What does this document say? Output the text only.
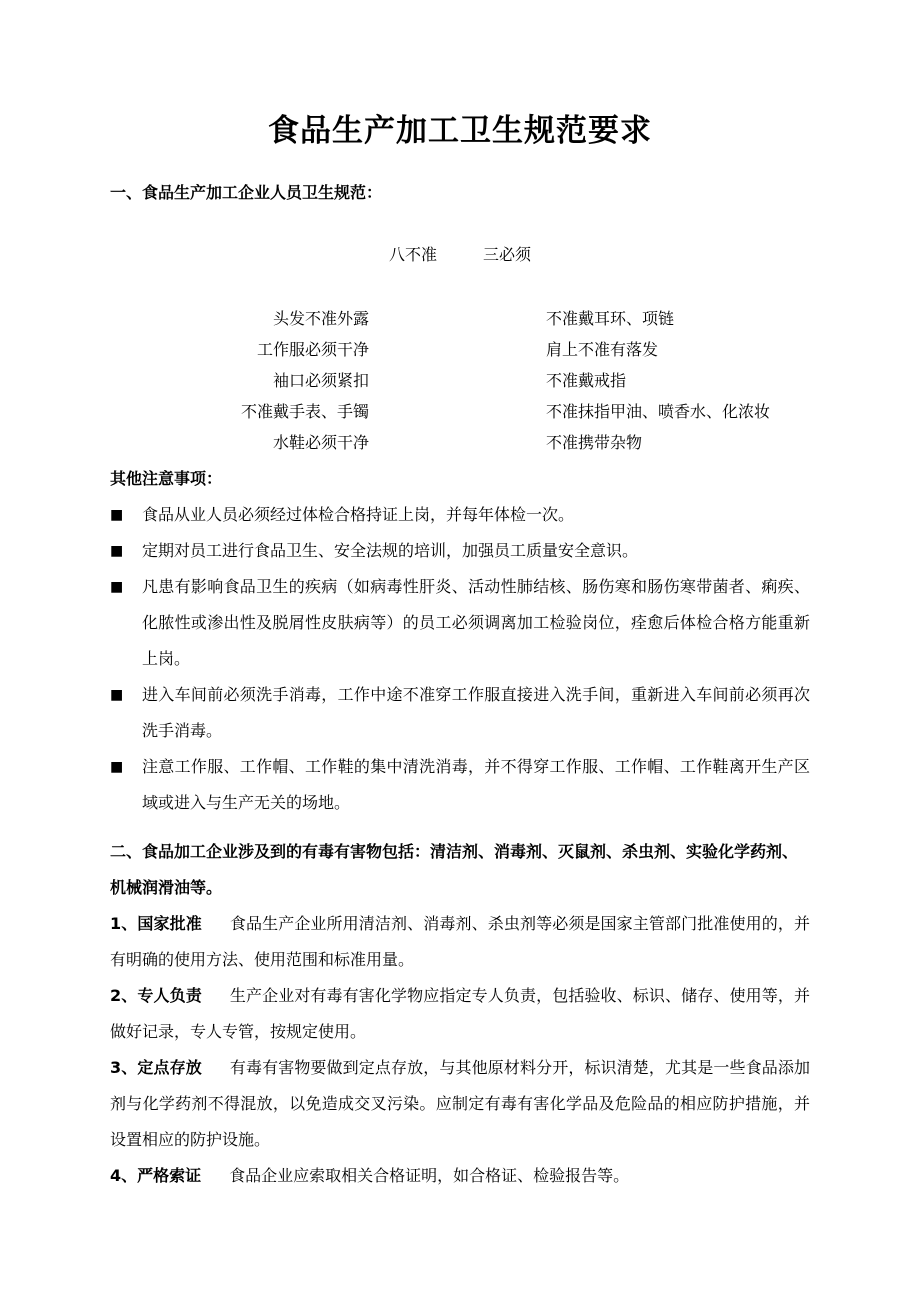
食品生产加工卫生规范要求
一、食品生产加工企业人员卫生规范：
八不准	三必须
头发不准外露	不准戴耳环、项链
工作服必须干净	肩上不准有落发
袖口必须紧扣	不准戴戒指
不准戴手表、手镯	不准抹指甲油、喷香水、化浓妆
水鞋必须干净	不准携带杂物
其他注意事项：
■ 食品从业人员必须经过体检合格持证上岗，并每年体检一次。
■ 定期对员工进行食品卫生、安全法规的培训，加强员工质量安全意识。
■ 凡患有影响食品卫生的疾病（如病毒性肝炎、活动性肺结核、肠伤寒和肠伤寒带菌者、痢疾、化脓性或渗出性及脱屑性皮肤病等）的员工必须调离加工检验岗位，痊愈后体检合格方能重新上岗。
■ 进入车间前必须洗手消毒，工作中途不准穿工作服直接进入洗手间，重新进入车间前必须再次洗手消毒。
■ 注意工作服、工作帽、工作鞋的集中清洗消毒，并不得穿工作服、工作帽、工作鞋离开生产区域或进入与生产无关的场地。
二、食品加工企业涉及到的有毒有害物包括：清洁剂、消毒剂、灭鼠剂、杀虫剂、实验化学药剂、机械润滑油等。
1、国家批准 食品生产企业所用清洁剂、消毒剂、杀虫剂等必须是国家主管部门批准使用的，并有明确的使用方法、使用范围和标准用量。
2、专人负责 生产企业对有毒有害化学物应指定专人负责，包括验收、标识、储存、使用等，并做好记录，专人专管，按规定使用。
3、定点存放 有毒有害物要做到定点存放，与其他原材料分开，标识清楚，尤其是一些食品添加剂与化学药剂不得混放，以免造成交叉污染。应制定有毒有害化学品及危险品的相应防护措施，并设置相应的防护设施。
4、严格索证 食品企业应索取相关合格证明，如合格证、检验报告等。
